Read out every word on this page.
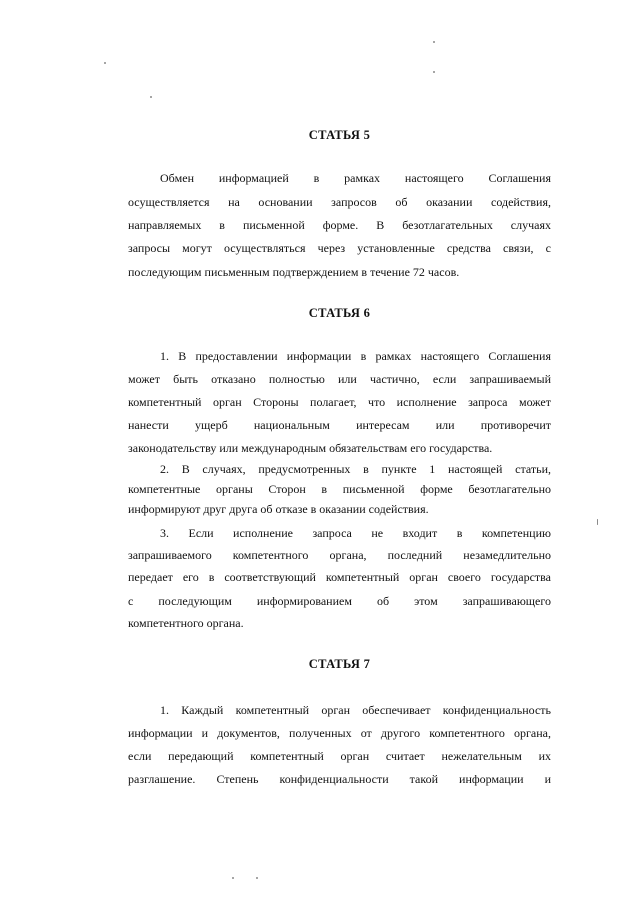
СТАТЬЯ 5
Обмен информацией в рамках настоящего Соглашения
осуществляется на основании запросов об оказании содействия,
направляемых в письменной форме. В безотлагательных случаях
запросы могут осуществляться через установленные средства связи, с
последующим письменным подтверждением в течение 72 часов.
СТАТЬЯ 6
1. В предоставлении информации в рамках настоящего Соглашения
может быть отказано полностью или частично, если запрашиваемый
компетентный орган Стороны полагает, что исполнение запроса может
нанести ущерб национальным интересам или противоречит
законодательству или международным обязательствам его государства.
2. В случаях, предусмотренных в пункте 1 настоящей статьи,
компетентные органы Сторон в письменной форме безотлагательно
информируют друг друга об отказе в оказании содействия.
3. Если исполнение запроса не входит в компетенцию
запрашиваемого компетентного органа, последний незамедлительно
передает его в соответствующий компетентный орган своего государства
с последующим информированием об этом запрашивающего
компетентного органа.
СТАТЬЯ 7
1. Каждый компетентный орган обеспечивает конфиденциальность
информации и документов, полученных от другого компетентного органа,
если передающий компетентный орган считает нежелательным их
разглашение. Степень конфиденциальности такой информации и
